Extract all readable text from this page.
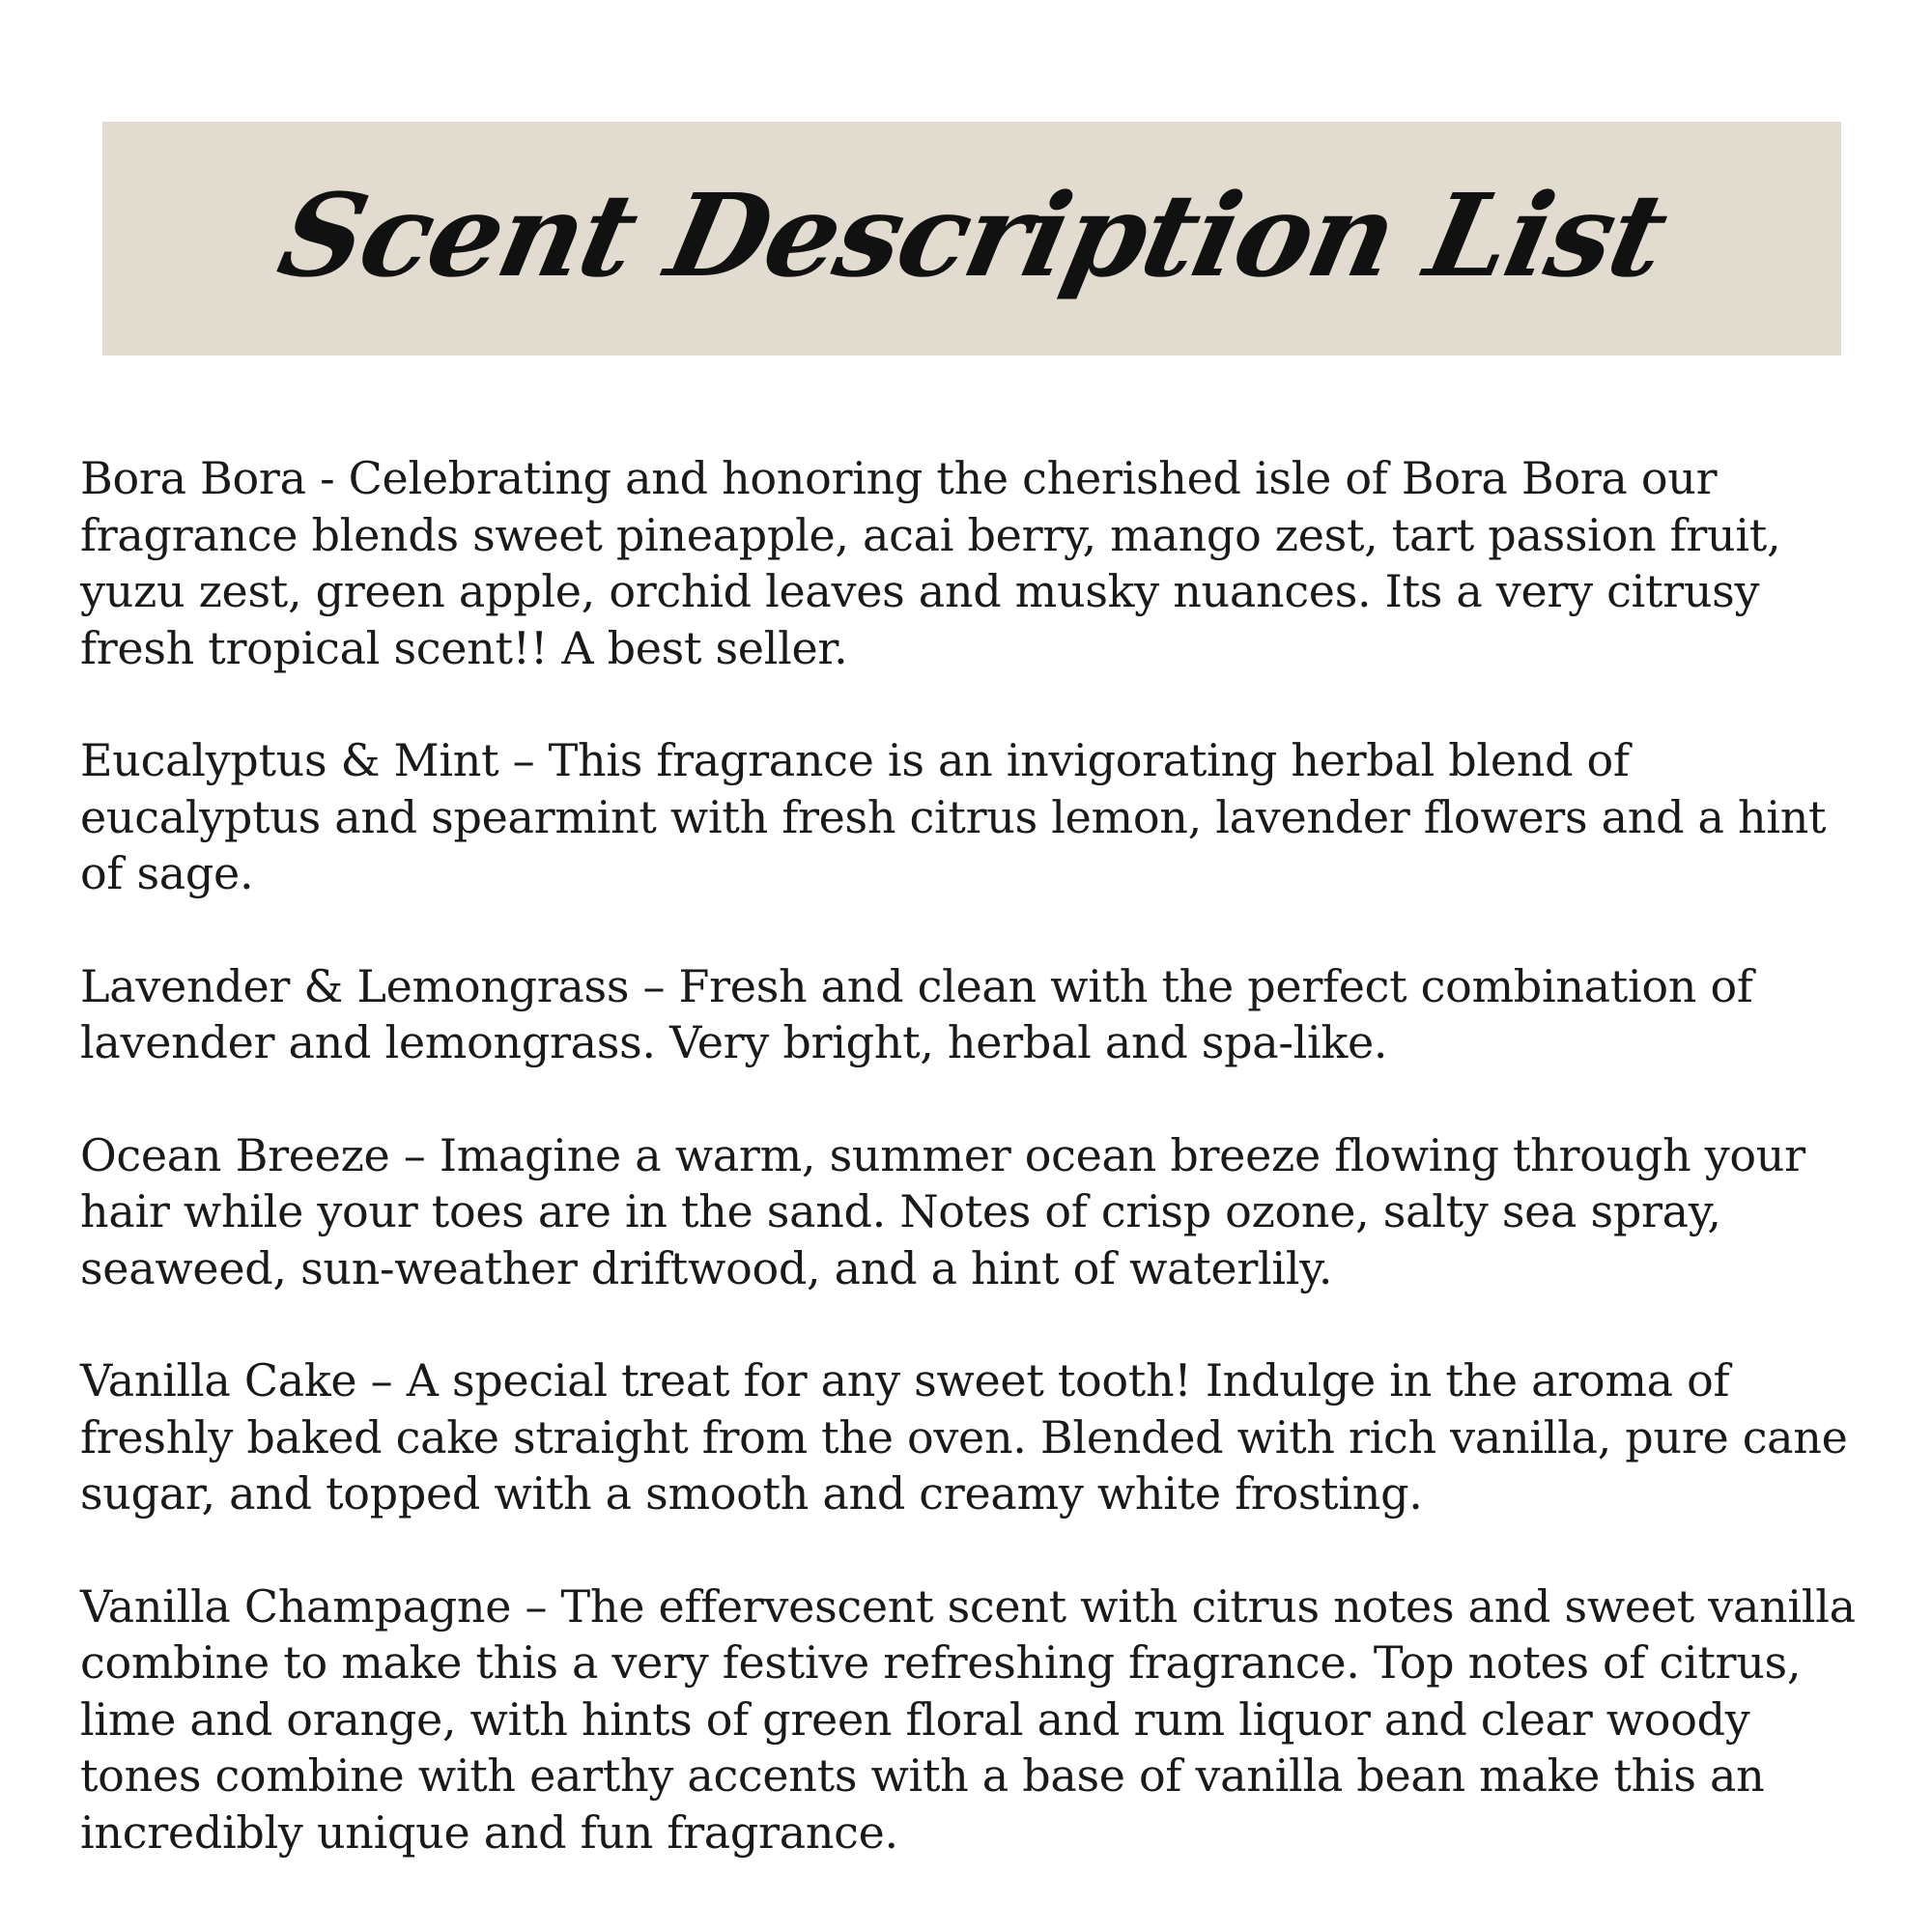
Scent Description List
Bora Bora - Celebrating and honoring the cherished isle of Bora Bora our fragrance blends sweet pineapple, acai berry, mango zest, tart passion fruit, yuzu zest, green apple, orchid leaves and musky nuances. Its a very citrusy fresh tropical scent!! A best seller.
Eucalyptus & Mint – This fragrance is an invigorating herbal blend of eucalyptus and spearmint with fresh citrus lemon, lavender flowers and a hint of sage.
Lavender & Lemongrass – Fresh and clean with the perfect combination of lavender and lemongrass. Very bright, herbal and spa-like.
Ocean Breeze – Imagine a warm, summer ocean breeze flowing through your hair while your toes are in the sand. Notes of crisp ozone, salty sea spray, seaweed, sun-weather driftwood, and a hint of waterlily.
Vanilla Cake – A special treat for any sweet tooth! Indulge in the aroma of freshly baked cake straight from the oven. Blended with rich vanilla, pure cane sugar, and topped with a smooth and creamy white frosting.
Vanilla Champagne – The effervescent scent with citrus notes and sweet vanilla combine to make this a very festive refreshing fragrance. Top notes of citrus, lime and orange, with hints of green floral and rum liquor and clear woody tones combine with earthy accents with a base of vanilla bean make this an incredibly unique and fun fragrance.
